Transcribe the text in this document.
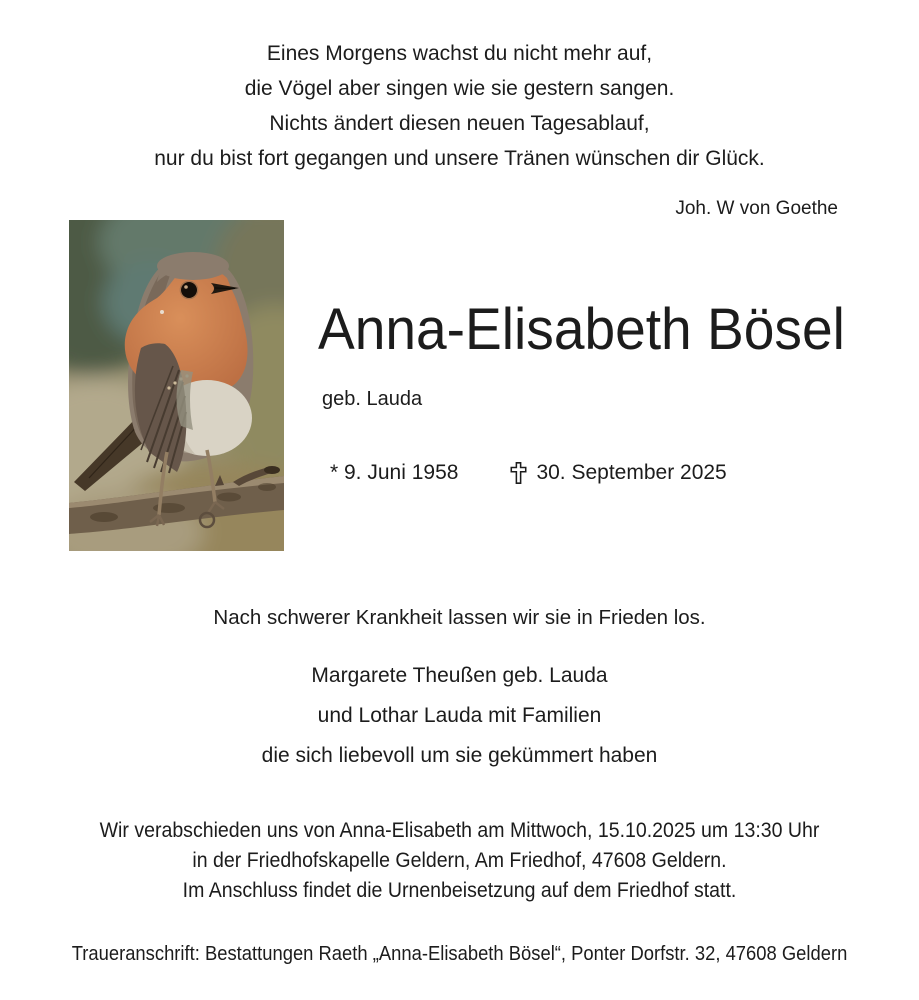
Eines Morgens wachst du nicht mehr auf,
die Vögel aber singen wie sie gestern sangen.
Nichts ändert diesen neuen Tagesablauf,
nur du bist fort gegangen und unsere Tränen wünschen dir Glück.
Joh. W von Goethe
Anna-Elisabeth Bösel
geb. Lauda
* 9. Juni 1958	30. September 2025
Nach schwerer Krankheit lassen wir sie in Frieden los.
Margarete Theußen geb. Lauda
und Lothar Lauda mit Familien
die sich liebevoll um sie gekümmert haben
Wir verabschieden uns von Anna-Elisabeth am Mittwoch, 15.10.2025 um 13:30 Uhr
in der Friedhofskapelle Geldern, Am Friedhof, 47608 Geldern.
Im Anschluss findet die Urnenbeisetzung auf dem Friedhof statt.
Traueranschrift: Bestattungen Raeth „Anna-Elisabeth Bösel“, Ponter Dorfstr. 32, 47608 Geldern
